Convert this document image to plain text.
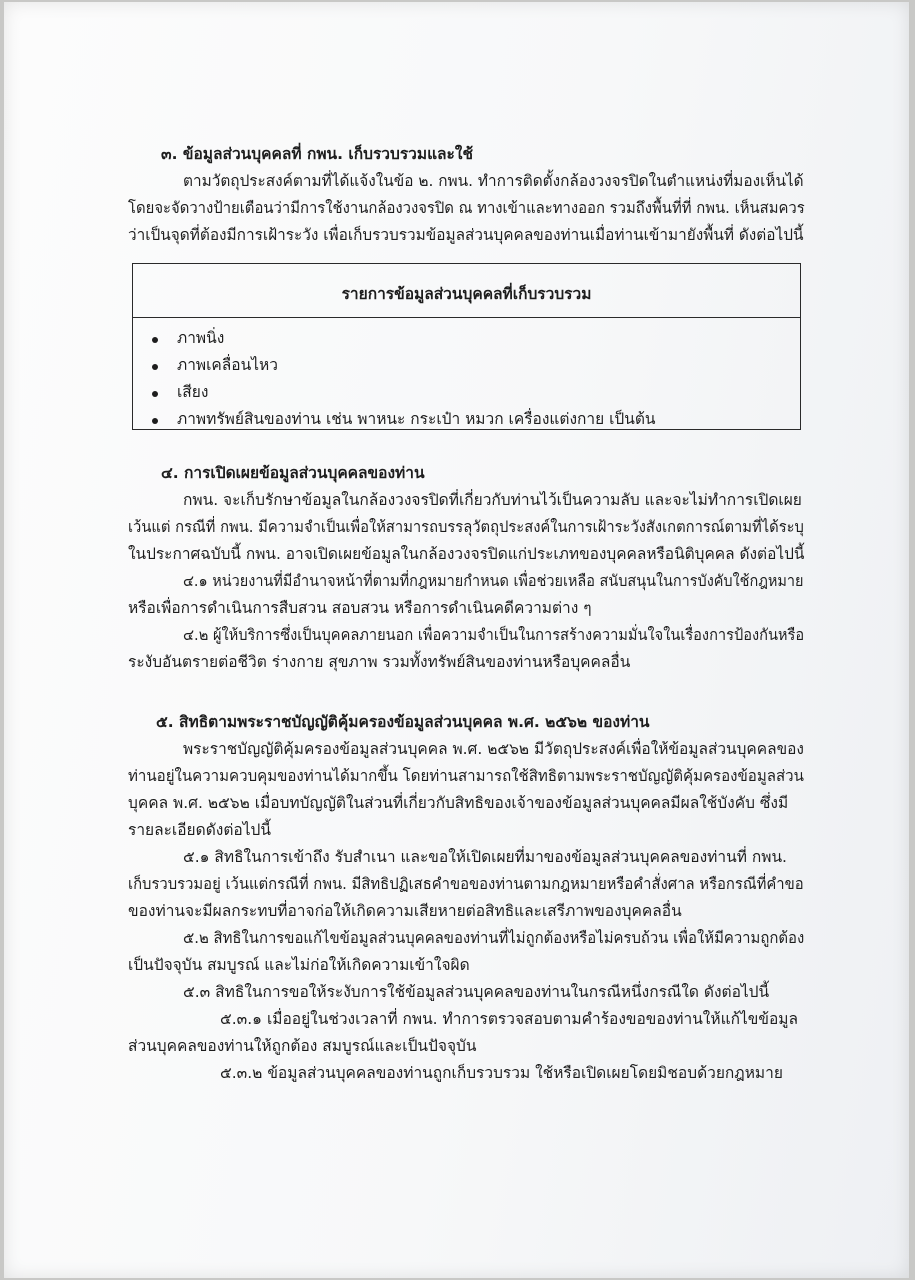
๓. ข้อมูลส่วนบุคคลที่ กพน. เก็บรวบรวมและใช้
ตามวัตถุประสงค์ตามที่ได้แจ้งในข้อ ๒. กพน. ทำการติดตั้งกล้องวงจรปิดในตำแหน่งที่มองเห็นได้
โดยจะจัดวางป้ายเตือนว่ามีการใช้งานกล้องวงจรปิด ณ ทางเข้าและทางออก รวมถึงพื้นที่ที่ กพน. เห็นสมควร
ว่าเป็นจุดที่ต้องมีการเฝ้าระวัง เพื่อเก็บรวบรวมข้อมูลส่วนบุคคลของท่านเมื่อท่านเข้ามายังพื้นที่ ดังต่อไปนี้
รายการข้อมูลส่วนบุคคลที่เก็บรวบรวม
ภาพนิ่ง
ภาพเคลื่อนไหว
เสียง
ภาพทรัพย์สินของท่าน เช่น พาหนะ กระเป๋า หมวก เครื่องแต่งกาย เป็นต้น
๔. การเปิดเผยข้อมูลส่วนบุคคลของท่าน
กพน. จะเก็บรักษาข้อมูลในกล้องวงจรปิดที่เกี่ยวกับท่านไว้เป็นความลับ และจะไม่ทำการเปิดเผย
เว้นแต่ กรณีที่ กพน. มีความจำเป็นเพื่อให้สามารถบรรลุวัตถุประสงค์ในการเฝ้าระวังสังเกตการณ์ตามที่ได้ระบุ
ในประกาศฉบับนี้ กพน. อาจเปิดเผยข้อมูลในกล้องวงจรปิดแก่ประเภทของบุคคลหรือนิติบุคคล ดังต่อไปนี้
๔.๑ หน่วยงานที่มีอำนาจหน้าที่ตามที่กฎหมายกำหนด เพื่อช่วยเหลือ สนับสนุนในการบังคับใช้กฎหมาย
หรือเพื่อการดำเนินการสืบสวน สอบสวน หรือการดำเนินคดีความต่าง ๆ
๔.๒ ผู้ให้บริการซึ่งเป็นบุคคลภายนอก เพื่อความจำเป็นในการสร้างความมั่นใจในเรื่องการป้องกันหรือ
ระงับอันตรายต่อชีวิต ร่างกาย สุขภาพ รวมทั้งทรัพย์สินของท่านหรือบุคคลอื่น
๕. สิทธิตามพระราชบัญญัติคุ้มครองข้อมูลส่วนบุคคล พ.ศ. ๒๕๖๒ ของท่าน
พระราชบัญญัติคุ้มครองข้อมูลส่วนบุคคล พ.ศ. ๒๕๖๒ มีวัตถุประสงค์เพื่อให้ข้อมูลส่วนบุคคลของ
ท่านอยู่ในความควบคุมของท่านได้มากขึ้น โดยท่านสามารถใช้สิทธิตามพระราชบัญญัติคุ้มครองข้อมูลส่วน
บุคคล พ.ศ. ๒๕๖๒ เมื่อบทบัญญัติในส่วนที่เกี่ยวกับสิทธิของเจ้าของข้อมูลส่วนบุคคลมีผลใช้บังคับ ซึ่งมี
รายละเอียดดังต่อไปนี้
๕.๑ สิทธิในการเข้าถึง รับสำเนา และขอให้เปิดเผยที่มาของข้อมูลส่วนบุคคลของท่านที่ กพน.
เก็บรวบรวมอยู่ เว้นแต่กรณีที่ กพน. มีสิทธิปฏิเสธคำขอของท่านตามกฎหมายหรือคำสั่งศาล หรือกรณีที่คำขอ
ของท่านจะมีผลกระทบที่อาจก่อให้เกิดความเสียหายต่อสิทธิและเสรีภาพของบุคคลอื่น
๕.๒ สิทธิในการขอแก้ไขข้อมูลส่วนบุคคลของท่านที่ไม่ถูกต้องหรือไม่ครบถ้วน เพื่อให้มีความถูกต้อง
เป็นปัจจุบัน สมบูรณ์ และไม่ก่อให้เกิดความเข้าใจผิด
๕.๓ สิทธิในการขอให้ระงับการใช้ข้อมูลส่วนบุคคลของท่านในกรณีหนึ่งกรณีใด ดังต่อไปนี้
๕.๓.๑ เมื่ออยู่ในช่วงเวลาที่ กพน. ทำการตรวจสอบตามคำร้องขอของท่านให้แก้ไขข้อมูล
ส่วนบุคคลของท่านให้ถูกต้อง สมบูรณ์และเป็นปัจจุบัน
๕.๓.๒ ข้อมูลส่วนบุคคลของท่านถูกเก็บรวบรวม ใช้หรือเปิดเผยโดยมิชอบด้วยกฎหมาย
